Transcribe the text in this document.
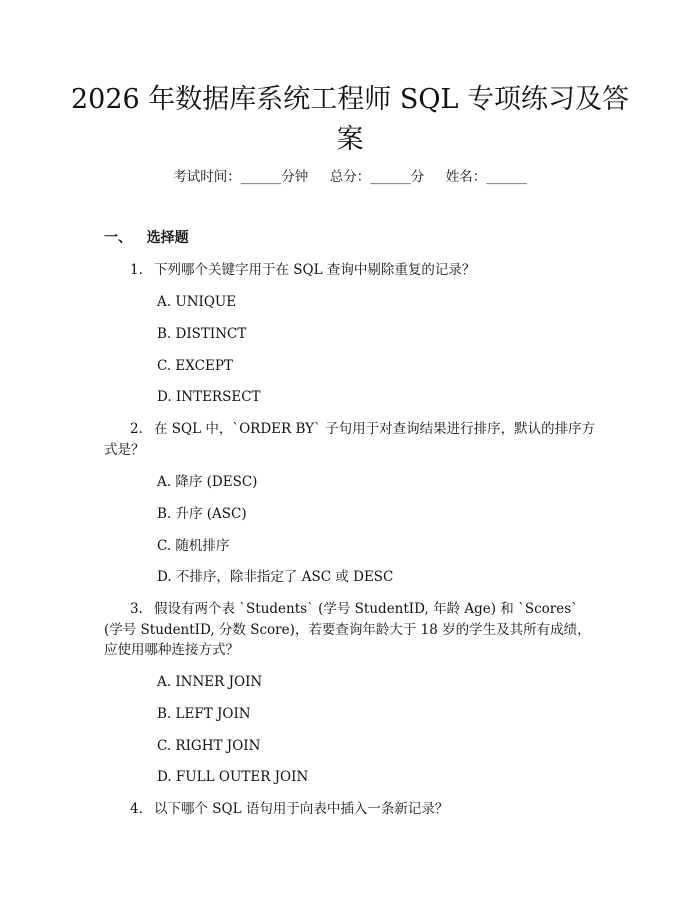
2026 年数据库系统工程师 SQL 专项练习及答案
考试时间：______分钟     总分：______分     姓名：______
一、   选择题
1. 下列哪个关键字用于在 SQL 查询中剔除重复的记录？
A. UNIQUE
B. DISTINCT
C. EXCEPT
D. INTERSECT
2. 在 SQL 中，`ORDER BY` 子句用于对查询结果进行排序，默认的排序方式是？
A. 降序 (DESC)
B. 升序 (ASC)
C. 随机排序
D. 不排序，除非指定了 ASC 或 DESC
3. 假设有两个表 `Students` (学号 StudentID, 年龄 Age) 和 `Scores` (学号 StudentID, 分数 Score)，若要查询年龄大于 18 岁的学生及其所有成绩，应使用哪种连接方式？
A. INNER JOIN
B. LEFT JOIN
C. RIGHT JOIN
D. FULL OUTER JOIN
4. 以下哪个 SQL 语句用于向表中插入一条新记录？
